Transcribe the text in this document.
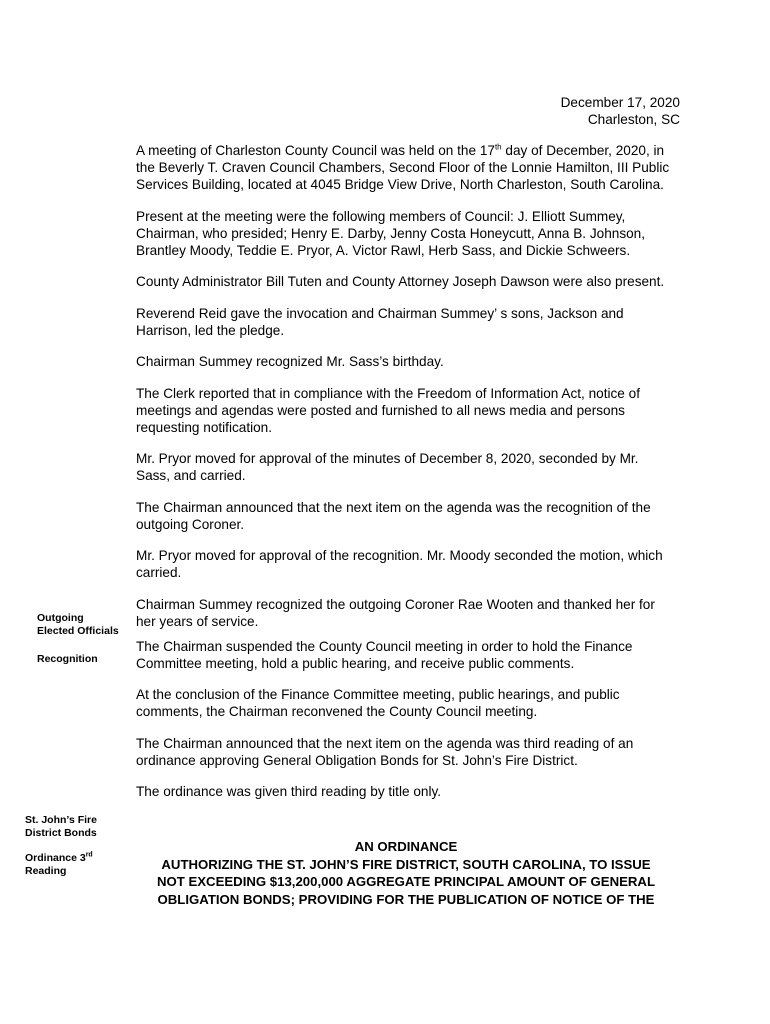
December 17, 2020
Charleston, SC

A meeting of Charleston County Council was held on the 17th day of December, 2020, in the Beverly T. Craven Council Chambers, Second Floor of the Lonnie Hamilton, III Public Services Building, located at 4045 Bridge View Drive, North Charleston, South Carolina.

Present at the meeting were the following members of Council: J. Elliott Summey, Chairman, who presided; Henry E. Darby, Jenny Costa Honeycutt, Anna B. Johnson, Brantley Moody, Teddie E. Pryor, A. Victor Rawl, Herb Sass, and Dickie Schweers.

County Administrator Bill Tuten and County Attorney Joseph Dawson were also present.

Reverend Reid gave the invocation and Chairman Summey’ s sons, Jackson and Harrison, led the pledge.

Chairman Summey recognized Mr. Sass’s birthday.

The Clerk reported that in compliance with the Freedom of Information Act, notice of meetings and agendas were posted and furnished to all news media and persons requesting notification.

Mr. Pryor moved for approval of the minutes of December 8, 2020, seconded by Mr. Sass, and carried.

The Chairman announced that the next item on the agenda was the recognition of the outgoing Coroner.

Mr. Pryor moved for approval of the recognition. Mr. Moody seconded the motion, which carried.

Chairman Summey recognized the outgoing Coroner Rae Wooten and thanked her for her years of service.

The Chairman suspended the County Council meeting in order to hold the Finance Committee meeting, hold a public hearing, and receive public comments.

At the conclusion of the Finance Committee meeting, public hearings, and public comments, the Chairman reconvened the County Council meeting.

The Chairman announced that the next item on the agenda was third reading of an ordinance approving General Obligation Bonds for St. John’s Fire District.

The ordinance was given third reading by title only.

Outgoing
Elected Officials
Recognition
St. John’s Fire
District Bonds
Ordinance 3rd
Reading
AN ORDINANCE
AUTHORIZING THE ST. JOHN’S FIRE DISTRICT, SOUTH CAROLINA, TO ISSUE
NOT EXCEEDING $13,200,000 AGGREGATE PRINCIPAL AMOUNT OF GENERAL
OBLIGATION BONDS; PROVIDING FOR THE PUBLICATION OF NOTICE OF THE
